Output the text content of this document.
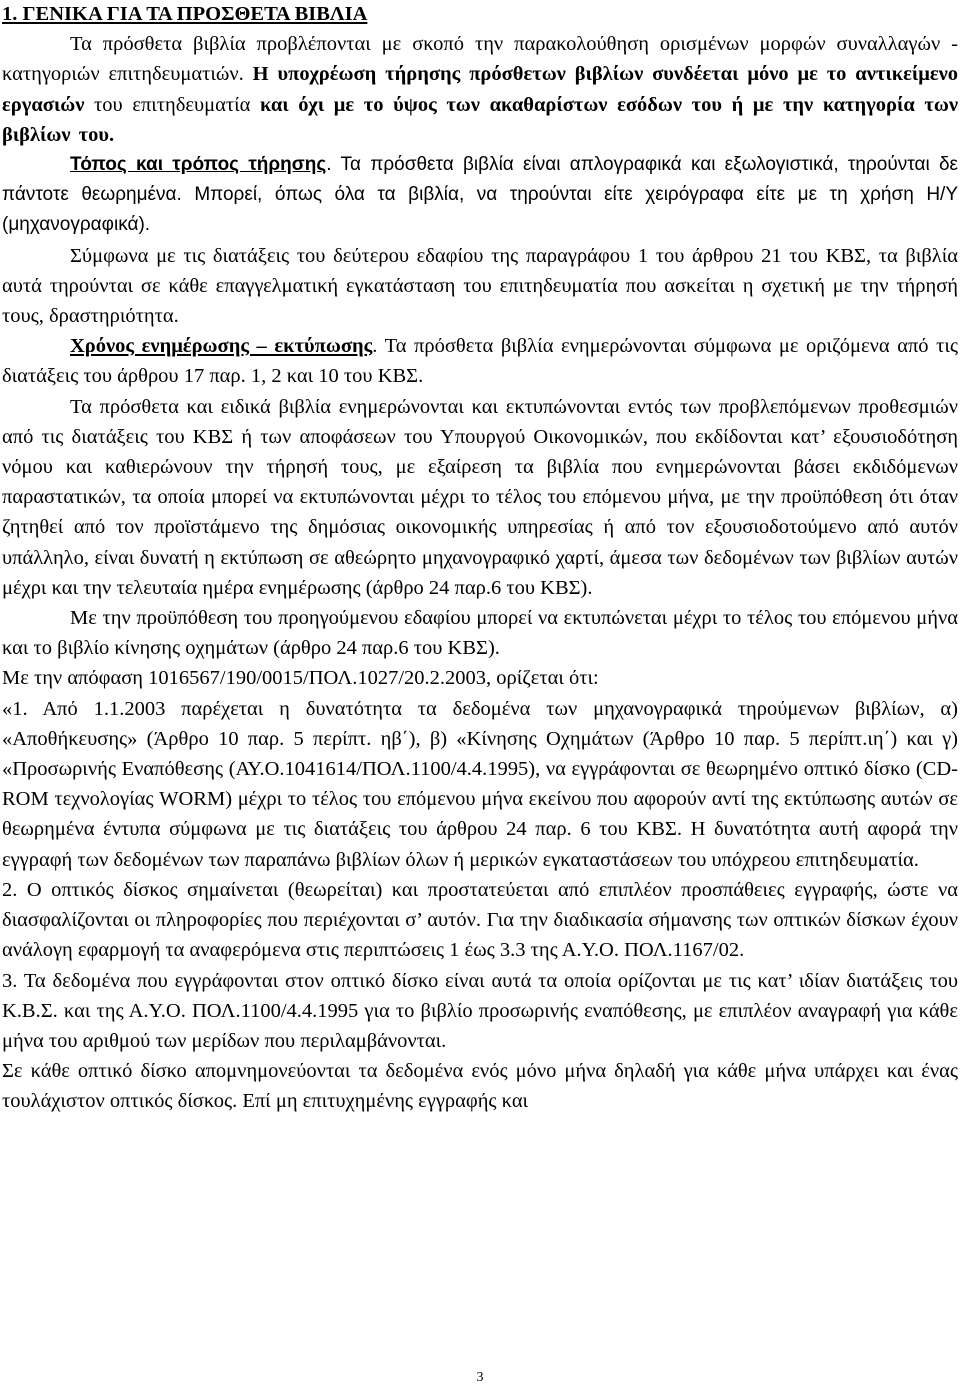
1. ΓΕΝΙΚΑ ΓΙΑ ΤΑ ΠΡΟΣΘΕΤΑ ΒΙΒΛΙΑ

Τα πρόσθετα βιβλία προβλέπονται με σκοπό την παρακολούθηση ορισμένων μορφών συναλλαγών - κατηγοριών επιτηδευματιών. Η υποχρέωση τήρησης πρόσθετων βιβλίων συνδέεται μόνο με το αντικείμενο εργασιών του επιτηδευματία και όχι με το ύψος των ακαθαρίστων εσόδων του ή με την κατηγορία των βιβλίων του.

Τόπος και τρόπος τήρησης. Τα πρόσθετα βιβλία είναι απλογραφικά και εξωλογιστικά, τηρούνται δε πάντοτε θεωρημένα. Μπορεί, όπως όλα τα βιβλία, να τηρούνται είτε χειρόγραφα είτε με τη χρήση Η/Υ (μηχανογραφικά).

Σύμφωνα με τις διατάξεις του δεύτερου εδαφίου της παραγράφου 1 του άρθρου 21 του ΚΒΣ, τα βιβλία αυτά τηρούνται σε κάθε επαγγελματική εγκατάσταση του επιτηδευματία που ασκείται η σχετική με την τήρησή τους, δραστηριότητα.

Χρόνος ενημέρωσης – εκτύπωσης. Τα πρόσθετα βιβλία ενημερώνονται σύμφωνα με οριζόμενα από τις διατάξεις του άρθρου 17 παρ. 1, 2 και 10 του ΚΒΣ.

Τα πρόσθετα και ειδικά βιβλία ενημερώνονται και εκτυπώνονται εντός των προβλεπόμενων προθεσμιών από τις διατάξεις του ΚΒΣ ή των αποφάσεων του Υπουργού Οικονομικών, που εκδίδονται κατ’ εξουσιοδότηση νόμου και καθιερώνουν την τήρησή τους, με εξαίρεση τα βιβλία που ενημερώνονται βάσει εκδιδόμενων παραστατικών, τα οποία μπορεί να εκτυπώνονται μέχρι το τέλος του επόμενου μήνα, με την προϋπόθεση ότι όταν ζητηθεί από τον προϊστάμενο της δημόσιας οικονομικής υπηρεσίας ή από τον εξουσιοδοτούμενο από αυτόν υπάλληλο, είναι δυνατή η εκτύπωση σε αθεώρητο μηχανογραφικό χαρτί, άμεσα των δεδομένων των βιβλίων αυτών μέχρι και την τελευταία ημέρα ενημέρωσης (άρθρο 24 παρ.6 του ΚΒΣ).

Με την προϋπόθεση του προηγούμενου εδαφίου μπορεί να εκτυπώνεται μέχρι το τέλος του επόμενου μήνα και το βιβλίο κίνησης οχημάτων (άρθρο 24 παρ.6 του ΚΒΣ).

Με την απόφαση 1016567/190/0015/ΠΟΛ.1027/20.2.2003, ορίζεται ότι:

«1. Από 1.1.2003 παρέχεται η δυνατότητα τα δεδομένα των μηχανογραφικά τηρούμενων βιβλίων, α) «Αποθήκευσης» (Άρθρο 10 παρ. 5 περίπτ. ηβ΄), β) «Κίνησης Οχημάτων (Άρθρο 10 παρ. 5 περίπτ.ιη΄) και γ) «Προσωρινής Εναπόθεσης (ΑΥ.Ο.1041614/ΠΟΛ.1100/4.4.1995), να εγγράφονται σε θεωρημένο οπτικό δίσκο (CD-ROM τεχνολογίας WORM) μέχρι το τέλος του επόμενου μήνα εκείνου που αφορούν αντί της εκτύπωσης αυτών σε θεωρημένα έντυπα σύμφωνα με τις διατάξεις του άρθρου 24 παρ. 6 του ΚΒΣ. Η δυνατότητα αυτή αφορά την εγγραφή των δεδομένων των παραπάνω βιβλίων όλων ή μερικών εγκαταστάσεων του υπόχρεου επιτηδευματία.

2. Ο οπτικός δίσκος σημαίνεται (θεωρείται) και προστατεύεται από επιπλέον προσπάθειες εγγραφής, ώστε να διασφαλίζονται οι πληροφορίες που περιέχονται σ’ αυτόν. Για την διαδικασία σήμανσης των οπτικών δίσκων έχουν ανάλογη εφαρμογή τα αναφερόμενα στις περιπτώσεις 1 έως 3.3 της Α.Υ.Ο. ΠΟΛ.1167/02.

3. Τα δεδομένα που εγγράφονται στον οπτικό δίσκο είναι αυτά τα οποία ορίζονται με τις κατ’ ιδίαν διατάξεις του Κ.Β.Σ. και της Α.Υ.Ο. ΠΟΛ.1100/4.4.1995 για το βιβλίο προσωρινής εναπόθεσης, με επιπλέον αναγραφή για κάθε μήνα του αριθμού των μερίδων που περιλαμβάνονται.

Σε κάθε οπτικό δίσκο απομνημονεύονται τα δεδομένα ενός μόνο μήνα δηλαδή για κάθε μήνα υπάρχει και ένας τουλάχιστον οπτικός δίσκος. Επί μη επιτυχημένης εγγραφής και

3
